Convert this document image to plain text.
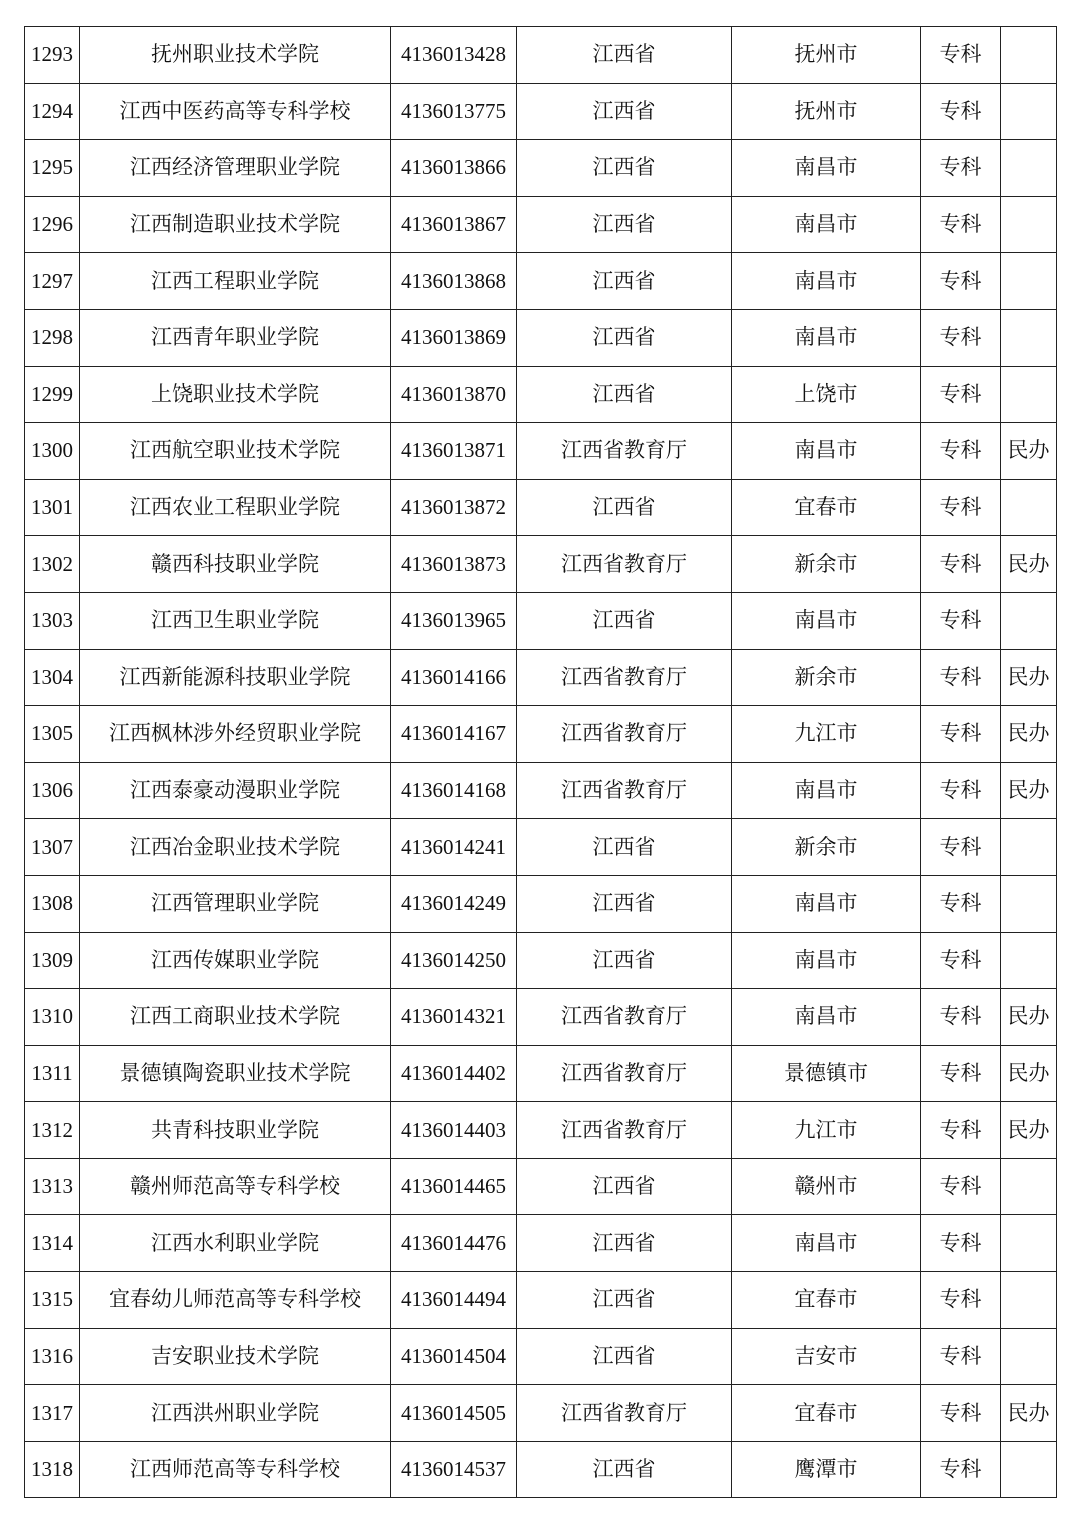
1293	抚州职业技术学院	4136013428	江西省	抚州市	专科	
1294	江西中医药高等专科学校	4136013775	江西省	抚州市	专科	
1295	江西经济管理职业学院	4136013866	江西省	南昌市	专科	
1296	江西制造职业技术学院	4136013867	江西省	南昌市	专科	
1297	江西工程职业学院	4136013868	江西省	南昌市	专科	
1298	江西青年职业学院	4136013869	江西省	南昌市	专科	
1299	上饶职业技术学院	4136013870	江西省	上饶市	专科	
1300	江西航空职业技术学院	4136013871	江西省教育厅	南昌市	专科	民办
1301	江西农业工程职业学院	4136013872	江西省	宜春市	专科	
1302	赣西科技职业学院	4136013873	江西省教育厅	新余市	专科	民办
1303	江西卫生职业学院	4136013965	江西省	南昌市	专科	
1304	江西新能源科技职业学院	4136014166	江西省教育厅	新余市	专科	民办
1305	江西枫林涉外经贸职业学院	4136014167	江西省教育厅	九江市	专科	民办
1306	江西泰豪动漫职业学院	4136014168	江西省教育厅	南昌市	专科	民办
1307	江西冶金职业技术学院	4136014241	江西省	新余市	专科	
1308	江西管理职业学院	4136014249	江西省	南昌市	专科	
1309	江西传媒职业学院	4136014250	江西省	南昌市	专科	
1310	江西工商职业技术学院	4136014321	江西省教育厅	南昌市	专科	民办
1311	景德镇陶瓷职业技术学院	4136014402	江西省教育厅	景德镇市	专科	民办
1312	共青科技职业学院	4136014403	江西省教育厅	九江市	专科	民办
1313	赣州师范高等专科学校	4136014465	江西省	赣州市	专科	
1314	江西水利职业学院	4136014476	江西省	南昌市	专科	
1315	宜春幼儿师范高等专科学校	4136014494	江西省	宜春市	专科	
1316	吉安职业技术学院	4136014504	江西省	吉安市	专科	
1317	江西洪州职业学院	4136014505	江西省教育厅	宜春市	专科	民办
1318	江西师范高等专科学校	4136014537	江西省	鹰潭市	专科	
